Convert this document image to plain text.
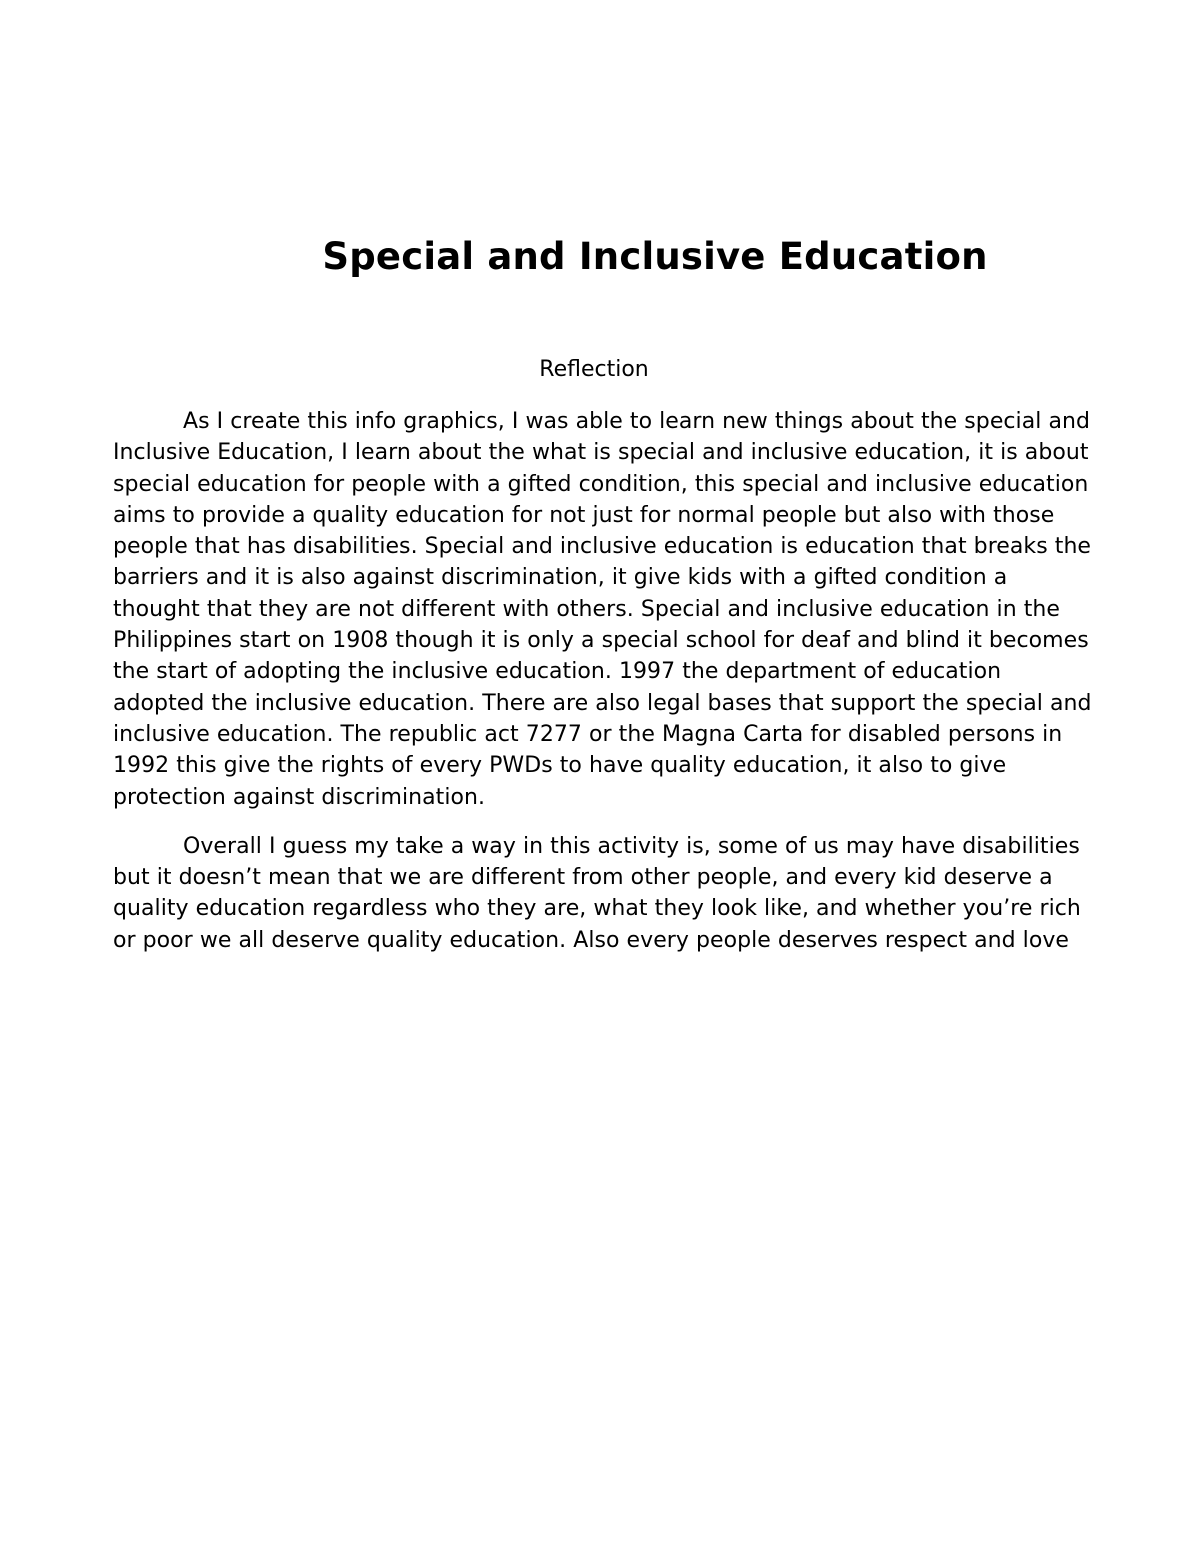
Special and Inclusive Education
Reflection

As I create this info graphics, I was able to learn new things about the special and Inclusive Education, I learn about the what is special and inclusive education, it is about special education for people with a gifted condition, this special and inclusive education aims to provide a quality education for not just for normal people but also with those people that has disabilities. Special and inclusive education is education that breaks the barriers and it is also against discrimination, it give kids with a gifted condition a thought that they are not different with others. Special and inclusive education in the Philippines start on 1908 though it is only a special school for deaf and blind it becomes the start of adopting the inclusive education. 1997 the department of education adopted the inclusive education. There are also legal bases that support the special and inclusive education. The republic act 7277 or the Magna Carta for disabled persons in 1992 this give the rights of every PWDs to have quality education, it also to give protection against discrimination.

Overall I guess my take a way in this activity is, some of us may have disabilities but it doesn’t mean that we are different from other people, and every kid deserve a quality education regardless who they are, what they look like, and whether you’re rich or poor we all deserve quality education. Also every people deserves respect and love
